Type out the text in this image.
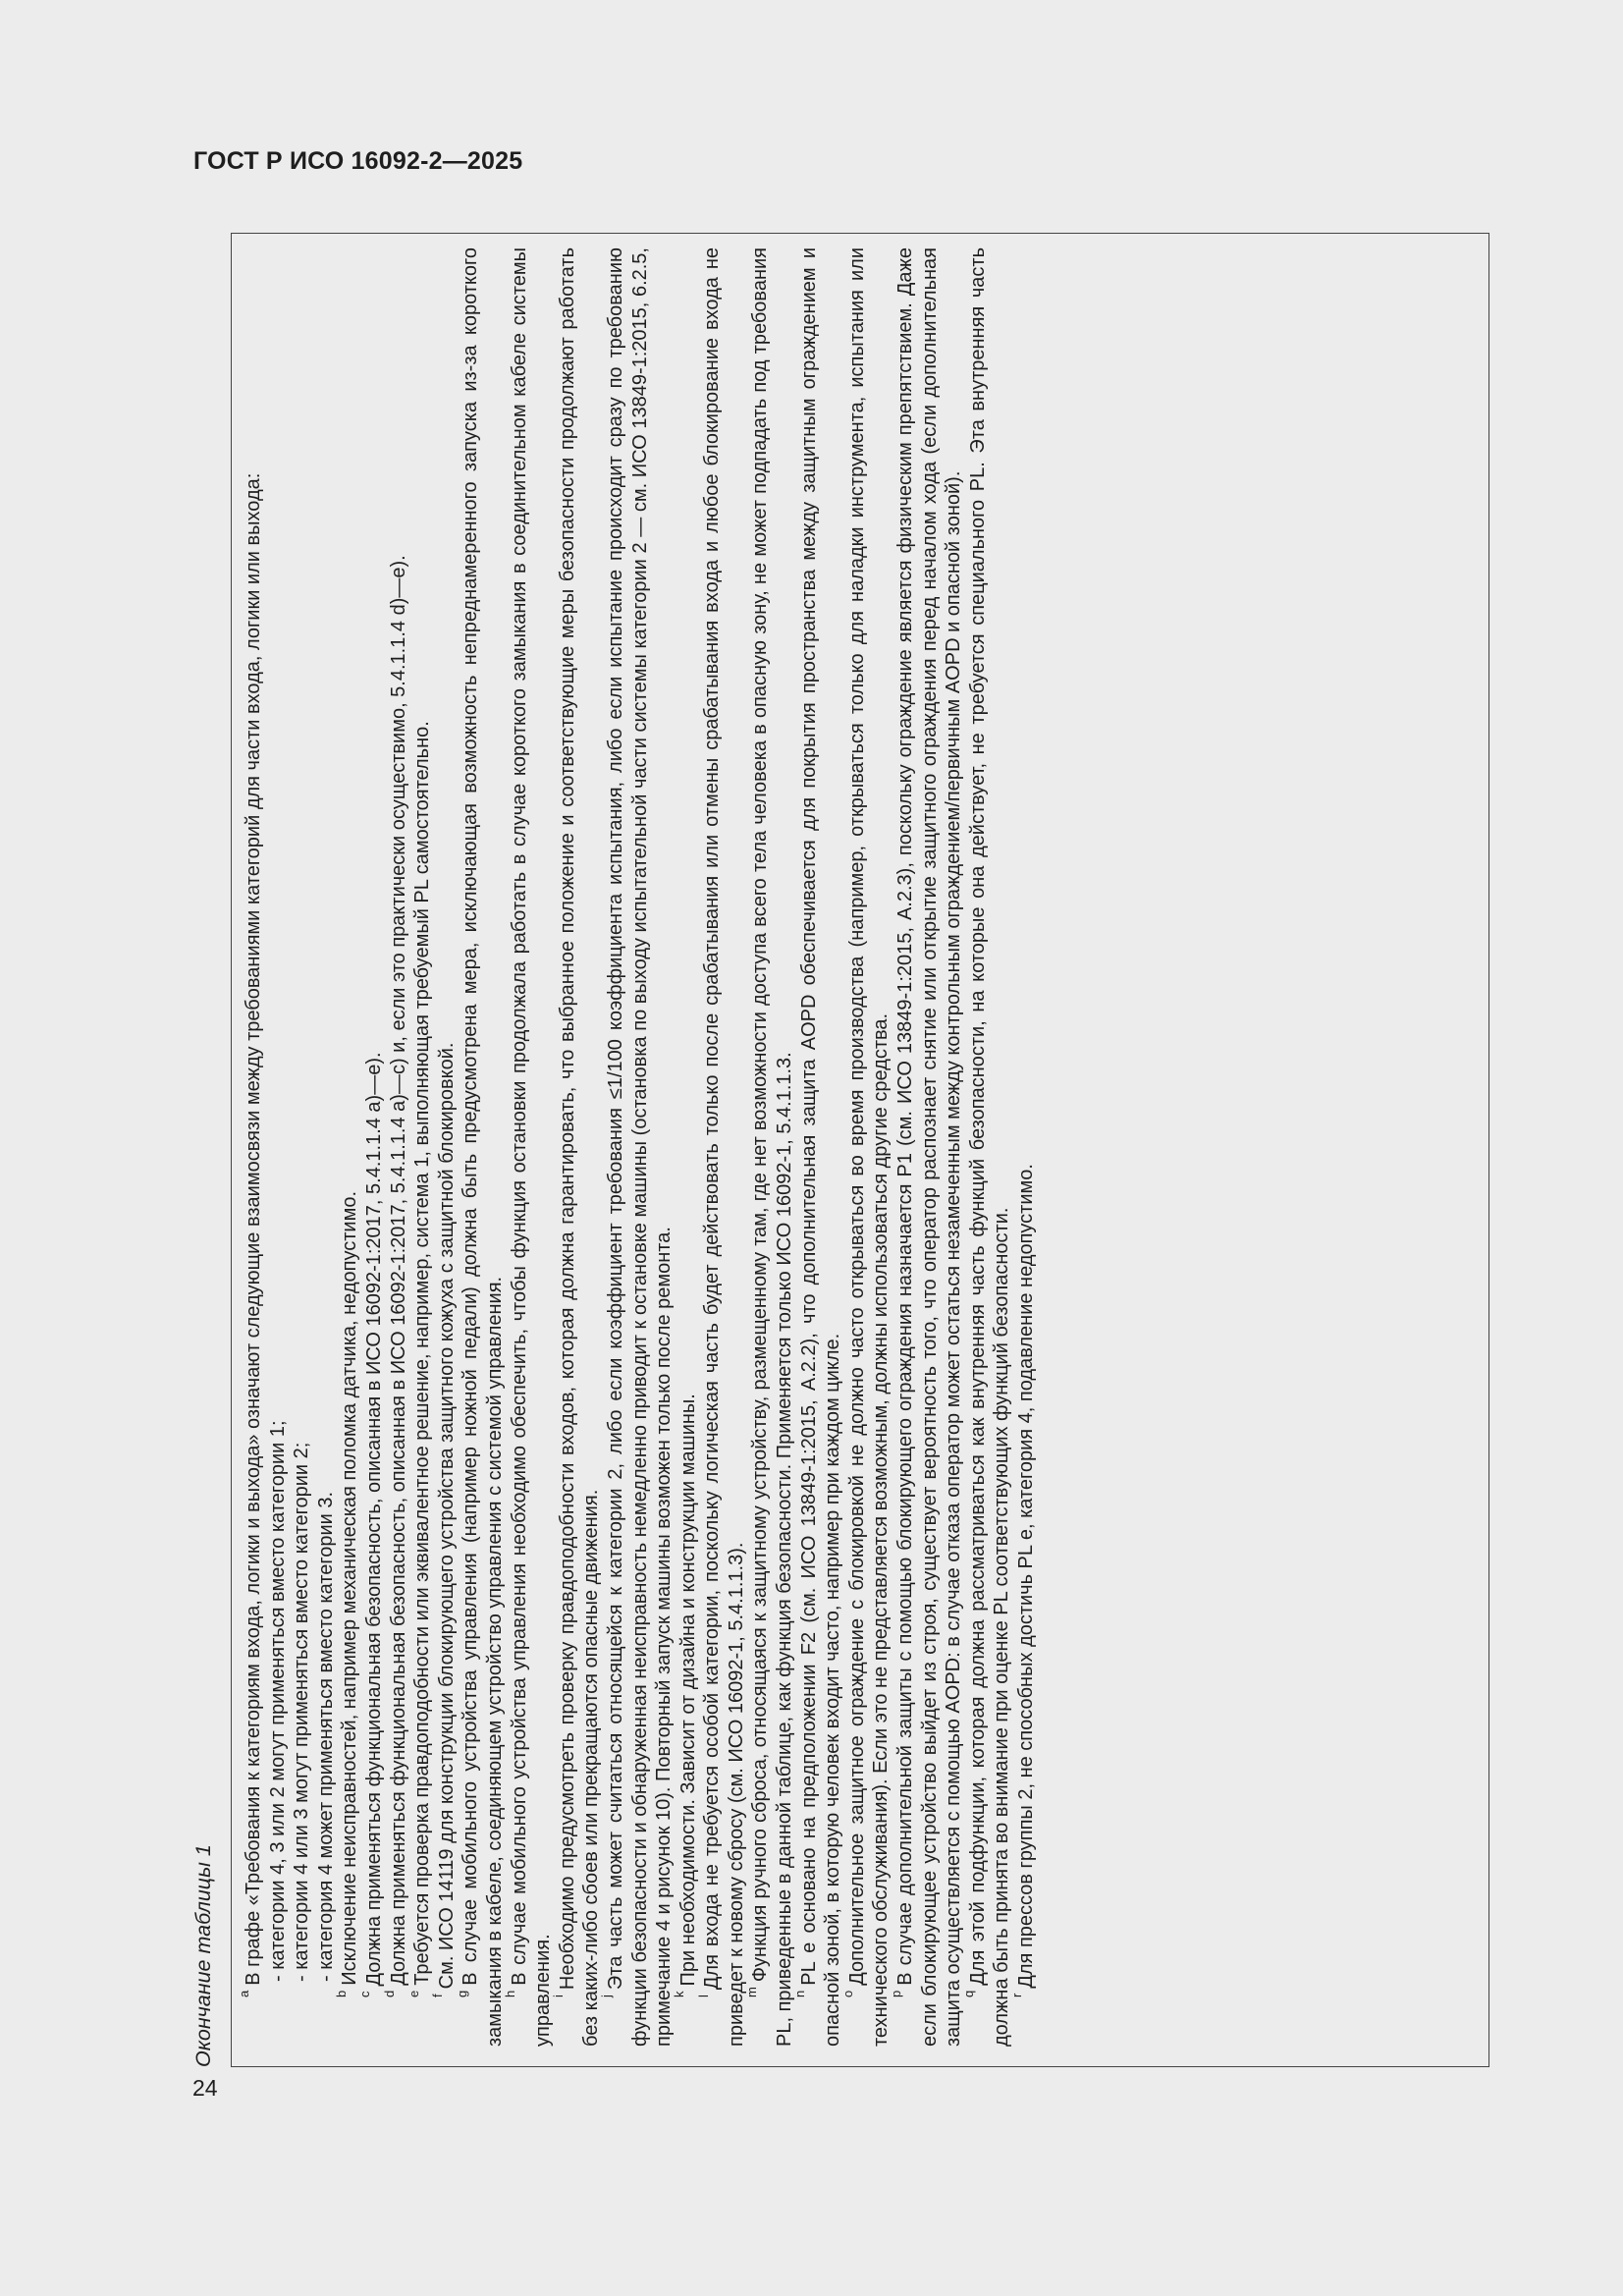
ГОСТ Р ИСО 16092-2—2025
Окончание таблицы 1 $^a$В графе «Требования к категориям входа, логики и выхода» означают следующие взаимосвязи между требованиями категорий для части входа, логики или выхода: - категории 4, 3 или 2 могут применяться вместо категории 1; - категории 4 или 3 могут применяться вместо категории 2; - категория 4 может применяться вместо категории 3.

$^b$Исключение неисправностей, например механическая поломка датчика, недопустимо.

$^c$Должна применяться функциональная безопасность, описанная в ИСО 16092-1:2017, 5.4.1.1.4 a)—e).

$^d$Должна применяться функциональная безопасность, описанная в ИСО 16092-1:2017, 5.4.1.1.4 a)—c) и, если это практически осуществимо, 5.4.1.1.4 d)—e).

$^e$Требуется проверка правдоподобности или эквивалентное решение, например, система 1, выполняющая требуемый PL самостоятельно.

$^f$См. ИСО 14119 для конструкции блокирующего устройства защитного кожуха с защитной блокировкой.

$^g$В случае мобильного устройства управления (например ножной педали) должна быть предусмотрена мера, исключающая возможность непреднамеренного запуска из-за короткого замыкания в кабеле, соединяющем устройство управления с системой управления.

$^h$В случае мобильного устройства управления необходимо обеспечить, чтобы функция остановки продолжала работать в случае короткого замыкания в соединительном кабеле системы управления.

$^i$Необходимо предусмотреть проверку правдоподобности входов, которая должна гарантировать, что выбранное положение и соответствующие меры безопасности продолжают работать без каких-либо сбоев или прекращаются опасные движения.

$^j$Эта часть может считаться относящейся к категории 2, либо если коэффициент требования ≤1/100 коэффициента испытания, либо если испытание происходит сразу по требованию функции безопасности и обнаруженная неисправность немедленно приводит к остановке машины (остановка по выходу испытательной части системы категории 2 — см. ИСО 13849-1:2015, 6.2.5, примечание 4 и рисунок 10). Повторный запуск машины возможен только после ремонта.

$^k$При необходимости. Зависит от дизайна и конструкции машины.

$^l$Для входа не требуется особой категории, поскольку логическая часть будет действовать только после срабатывания или отмены срабатывания входа и любое блокирование входа не приведет к новому сбросу (см. ИСО 16092-1, 5.4.1.1.3).

$^m$Функция ручного сброса, относящаяся к защитному устройству, размещенному там, где нет возможности доступа всего тела человека в опасную зону, не может подпадать под требования PL, приведенные в данной таблице, как функция безопасности. Применяется только ИСО 16092-1, 5.4.1.1.3.

$^n$PL e основано на предположении F2 (см. ИСО 13849-1:2015, A.2.2), что дополнительная защита AOPD обеспечивается для покрытия пространства между защитным ограждением и опасной зоной, в которую человек входит часто, например при каждом цикле.

$^o$Дополнительное защитное ограждение с блокировкой не должно часто открываться во время производства (например, открываться только для наладки инструмента, испытания или технического обслуживания). Если это не представляется возможным, должны использоваться другие средства.

$^p$В случае дополнительной защиты с помощью блокирующего ограждения назначается P1 (см. ИСО 13849-1:2015, A.2.3), поскольку ограждение является физическим препятствием. Даже если блокирующее устройство выйдет из строя, существует вероятность того, что оператор распознает снятие или открытие защитного ограждения перед началом хода (если дополнительная защита осуществляется с помощью AOPD: в случае отказа оператор может остаться незамеченным между контрольным ограждением/первичным AOPD и опасной зоной).

$^q$Для этой подфункции, которая должна рассматриваться как внутренняя часть функций безопасности, на которые она действует, не требуется специального PL. Эта внутренняя часть должна быть принята во внимание при оценке PL соответствующих функций безопасности.

$^r$Для прессов группы 2, не способных достичь PL e, категория 4, подавление недопустимо.

24
